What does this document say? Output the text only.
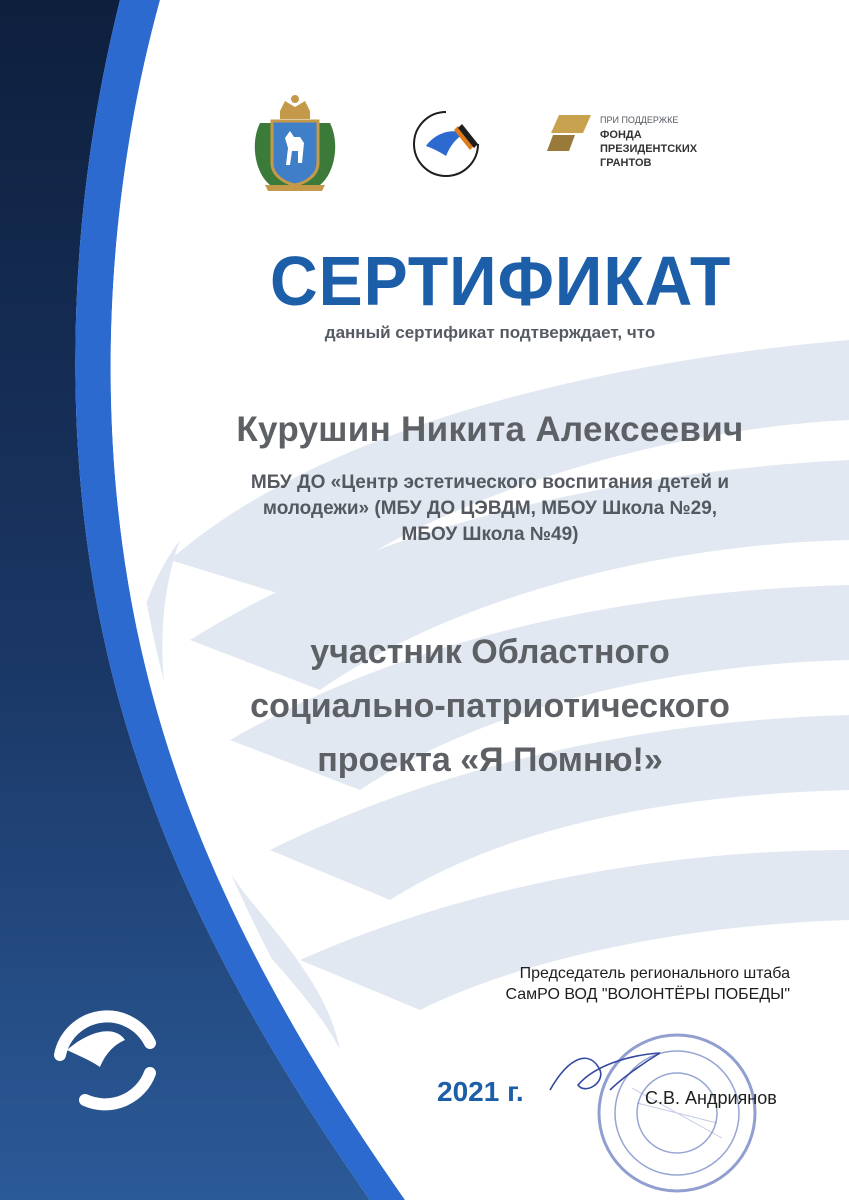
ПРИ ПОДДЕРЖКЕ
ФОНДА
ПРЕЗИДЕНТСКИХ
ГРАНТОВ
СЕРТИФИКАТ
данный сертификат подтверждает, что
Курушин Никита Алексеевич
МБУ ДО «Центр эстетического воспитания детей и
молодежи» (МБУ ДО ЦЭВДМ, МБОУ Школа №29,
МБОУ Школа №49)
участник Областного
социально-патриотического
проекта «Я Помню!»
Председатель регионального штаба
СамРО ВОД "ВОЛОНТЁРЫ ПОБЕДЫ"
2021 г.	С.В. Андриянов
